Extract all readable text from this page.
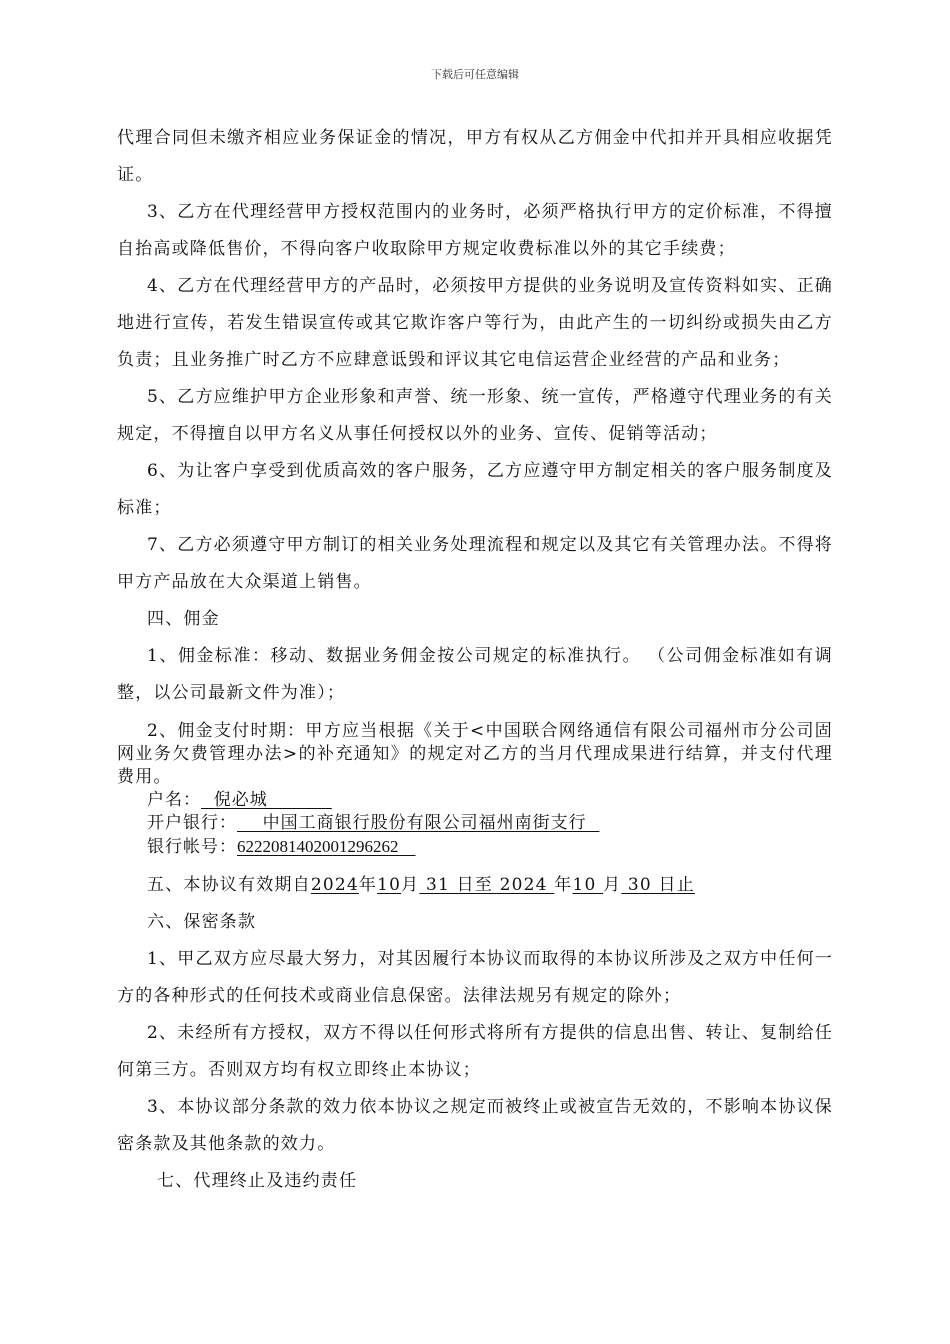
下载后可任意编辑

代理合同但未缴齐相应业务保证金的情况，甲方有权从乙方佣金中代扣并开具相应收据凭证。

3、乙方在代理经营甲方授权范围内的业务时，必须严格执行甲方的定价标准，不得擅自抬高或降低售价，不得向客户收取除甲方规定收费标准以外的其它手续费；

4、乙方在代理经营甲方的产品时，必须按甲方提供的业务说明及宣传资料如实、正确地进行宣传，若发生错误宣传或其它欺诈客户等行为，由此产生的一切纠纷或损失由乙方负责；且业务推广时乙方不应肆意诋毁和评议其它电信运营企业经营的产品和业务；

5、乙方应维护甲方企业形象和声誉、统一形象、统一宣传，严格遵守代理业务的有关规定，不得擅自以甲方名义从事任何授权以外的业务、宣传、促销等活动；

6、为让客户享受到优质高效的客户服务，乙方应遵守甲方制定相关的客户服务制度及标准；

7、乙方必须遵守甲方制订的相关业务处理流程和规定以及其它有关管理办法。不得将甲方产品放在大众渠道上销售。

四、佣金

1、佣金标准：移动、数据业务佣金按公司规定的标准执行。 （公司佣金标准如有调整，以公司最新文件为准）；

2、佣金支付时期：甲方应当根据《关于<中国联合网络通信有限公司福州市分公司固网业务欠费管理办法>的补充通知》的规定对乙方的当月代理成果进行结算，并支付代理费用。

户名：  倪必城
开户银行：    中国工商银行股份有限公司福州南街支行
银行帐号：6222081402001296262

五、本协议有效期自2024年10月 31 日至 2024 年10 月 30 日止

六、保密条款

1、甲乙双方应尽最大努力，对其因履行本协议而取得的本协议所涉及之双方中任何一方的各种形式的任何技术或商业信息保密。法律法规另有规定的除外；

2、未经所有方授权，双方不得以任何形式将所有方提供的信息出售、转让、复制给任何第三方。否则双方均有权立即终止本协议；

3、本协议部分条款的效力依本协议之规定而被终止或被宣告无效的，不影响本协议保密条款及其他条款的效力。

七、代理终止及违约责任
